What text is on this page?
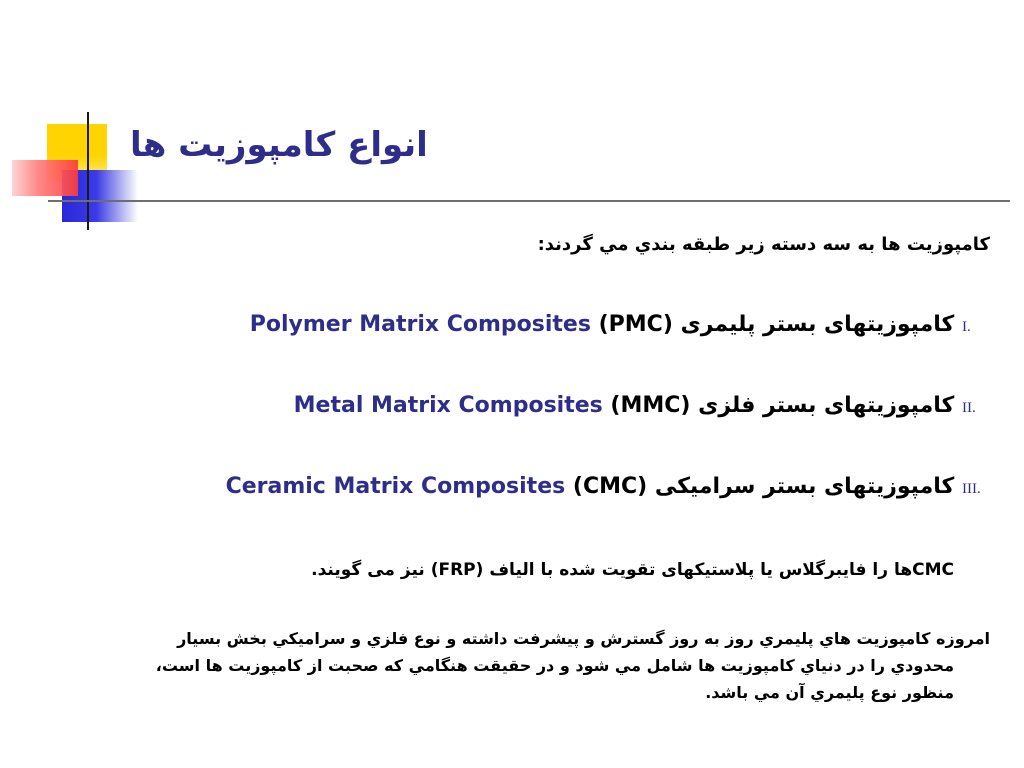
انواع کامپوزيت ها
کامپوزيت ها به سه دسته زير طبقه بندي مي گردند:
.I کامپوزیتهای بستر پلیمری Polymer Matrix Composites (PMC)
.II کامپوزیتهای بستر فلزی Metal Matrix Composites (MMC)
.III کامپوزیتهای بستر سرامیکی Ceramic Matrix Composites (CMC)
CMCها را فایبرگلاس یا پلاستیکهای تقویت شده با الیاف (FRP) نیز می گویند.
امروزه کامپوزيت هاي پليمري روز به روز گسترش و پيشرفت داشته و نوع فلزي و سراميکي بخش بسيار
محدودي را در دنياي کامپوزيت ها شامل مي شود و در حقيقت هنگامي که صحبت از کامپوزيت ها است،
منظور نوع پليمري آن مي باشد.
